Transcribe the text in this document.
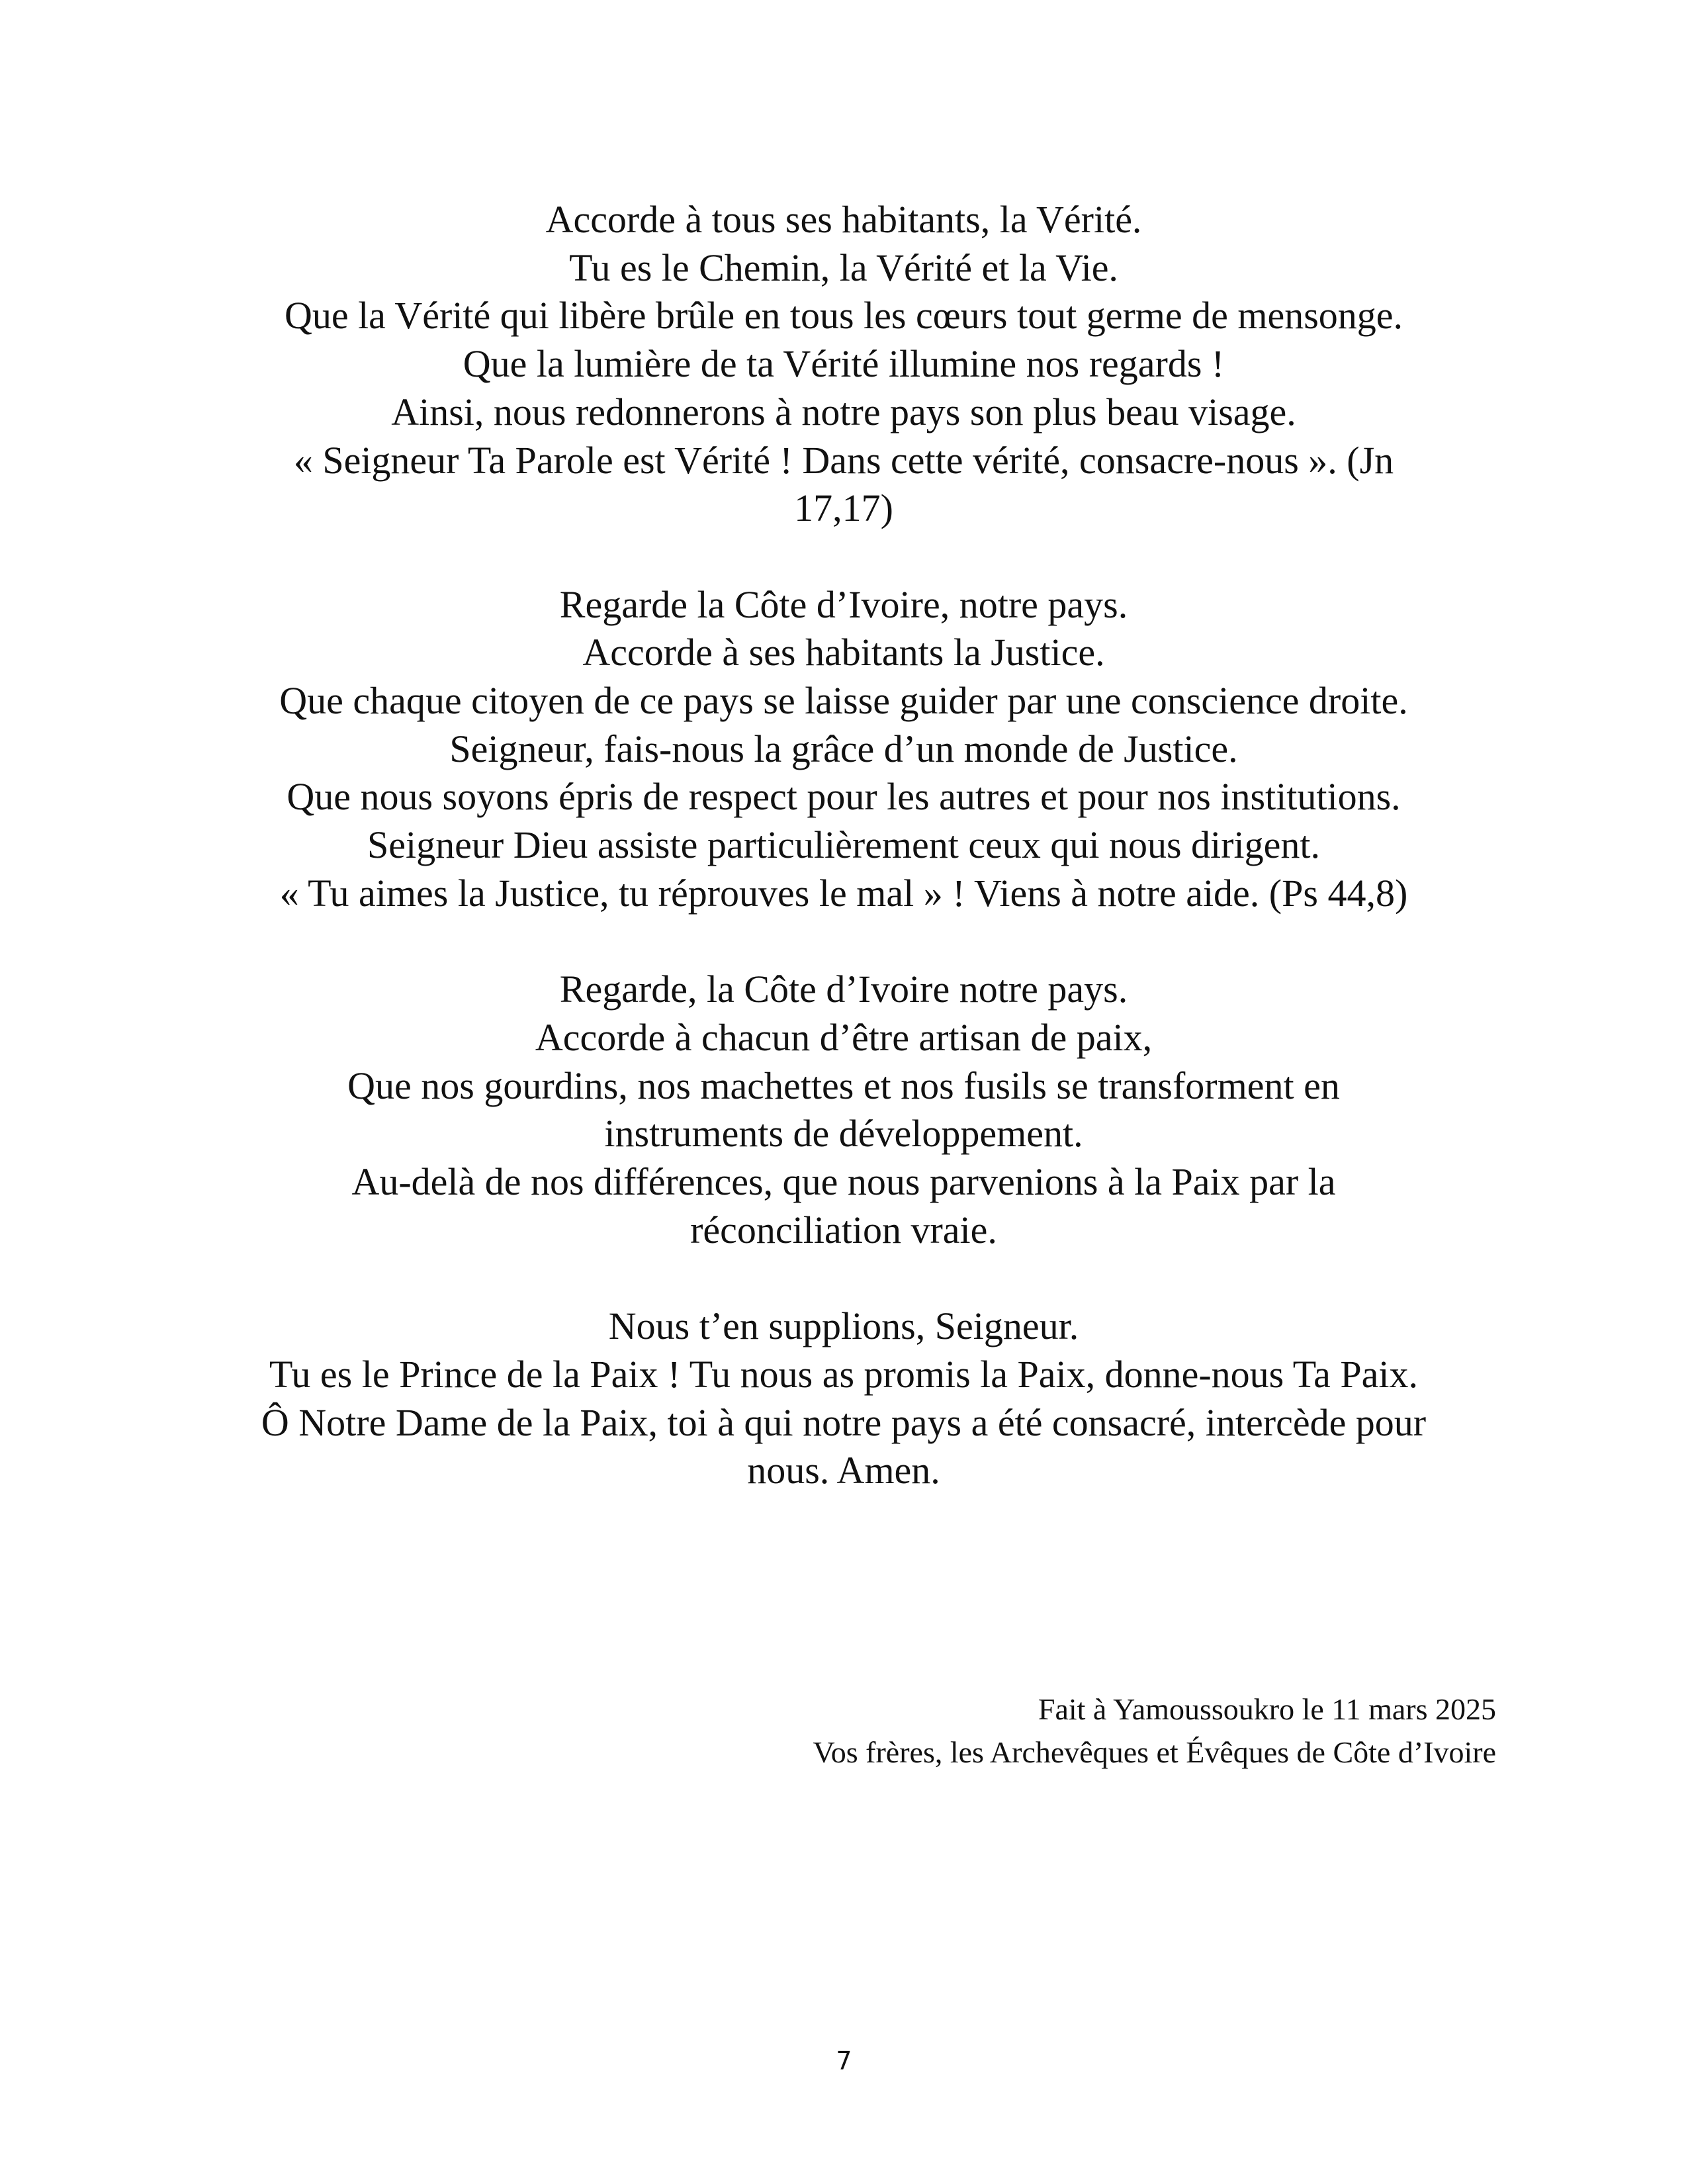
Accorde à tous ses habitants, la Vérité.
Tu es le Chemin, la Vérité et la Vie.
Que la Vérité qui libère brûle en tous les cœurs tout germe de mensonge.
Que la lumière de ta Vérité illumine nos regards !
Ainsi, nous redonnerons à notre pays son plus beau visage.
« Seigneur Ta Parole est Vérité ! Dans cette vérité, consacre-nous ». (Jn
17,17)
Regarde la Côte d’Ivoire, notre pays.
Accorde à ses habitants la Justice.
Que chaque citoyen de ce pays se laisse guider par une conscience droite.
Seigneur, fais-nous la grâce d’un monde de Justice.
Que nous soyons épris de respect pour les autres et pour nos institutions.
Seigneur Dieu assiste particulièrement ceux qui nous dirigent.
« Tu aimes la Justice, tu réprouves le mal » ! Viens à notre aide. (Ps 44,8)
Regarde, la Côte d’Ivoire notre pays.
Accorde à chacun d’être artisan de paix,
Que nos gourdins, nos machettes et nos fusils se transforment en
instruments de développement.
Au-delà de nos différences, que nous parvenions à la Paix par la
réconciliation vraie.
Nous t’en supplions, Seigneur.
Tu es le Prince de la Paix ! Tu nous as promis la Paix, donne-nous Ta Paix.
Ô Notre Dame de la Paix, toi à qui notre pays a été consacré, intercède pour
nous. Amen.
Fait à Yamoussoukro le 11 mars 2025
Vos frères, les Archevêques et Évêques de Côte d’Ivoire
7
